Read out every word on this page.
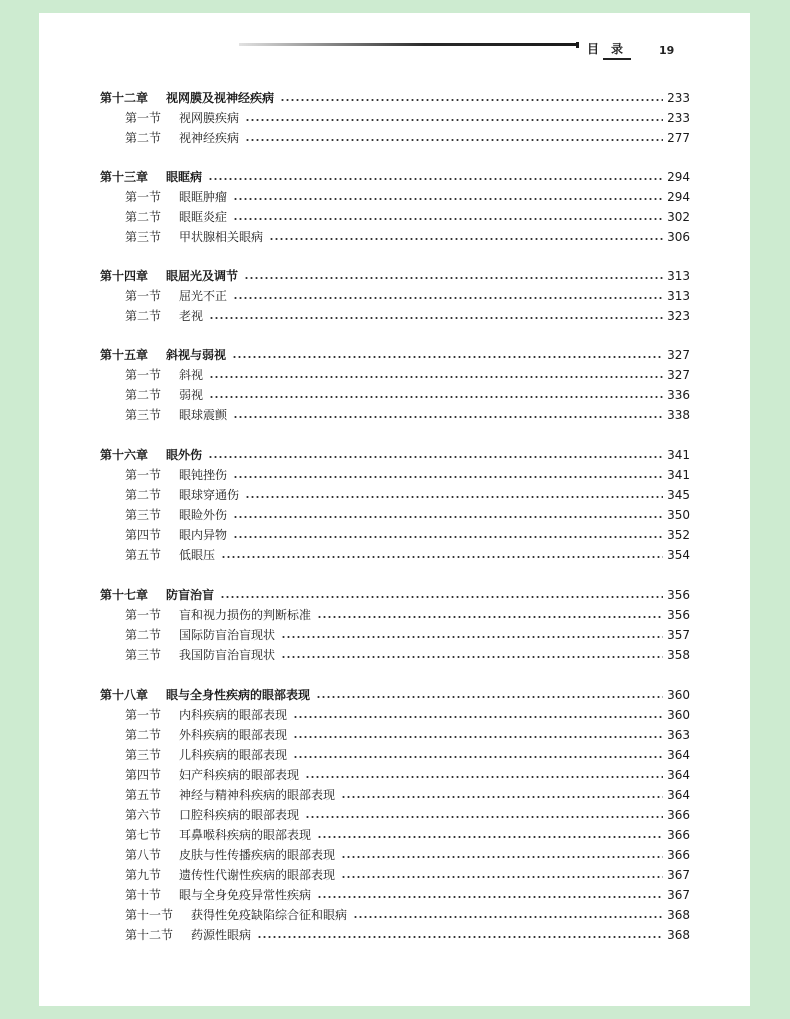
目录 19
第十二章	视网膜及视神经疾病	233
第一节	视网膜疾病	233
第二节	视神经疾病	277
第十三章	眼眶病	294
第一节	眼眶肿瘤	294
第二节	眼眶炎症	302
第三节	甲状腺相关眼病	306
第十四章	眼屈光及调节	313
第一节	屈光不正	313
第二节	老视	323
第十五章	斜视与弱视	327
第一节	斜视	327
第二节	弱视	336
第三节	眼球震颤	338
第十六章	眼外伤	341
第一节	眼钝挫伤	341
第二节	眼球穿通伤	345
第三节	眼睑外伤	350
第四节	眼内异物	352
第五节	低眼压	354
第十七章	防盲治盲	356
第一节	盲和视力损伤的判断标准	356
第二节	国际防盲治盲现状	357
第三节	我国防盲治盲现状	358
第十八章	眼与全身性疾病的眼部表现	360
第一节	内科疾病的眼部表现	360
第二节	外科疾病的眼部表现	363
第三节	儿科疾病的眼部表现	364
第四节	妇产科疾病的眼部表现	364
第五节	神经与精神科疾病的眼部表现	364
第六节	口腔科疾病的眼部表现	366
第七节	耳鼻喉科疾病的眼部表现	366
第八节	皮肤与性传播疾病的眼部表现	366
第九节	遗传性代谢性疾病的眼部表现	367
第十节	眼与全身免疫异常性疾病	367
第十一节	获得性免疫缺陷综合征和眼病	368
第十二节	药源性眼病	368
